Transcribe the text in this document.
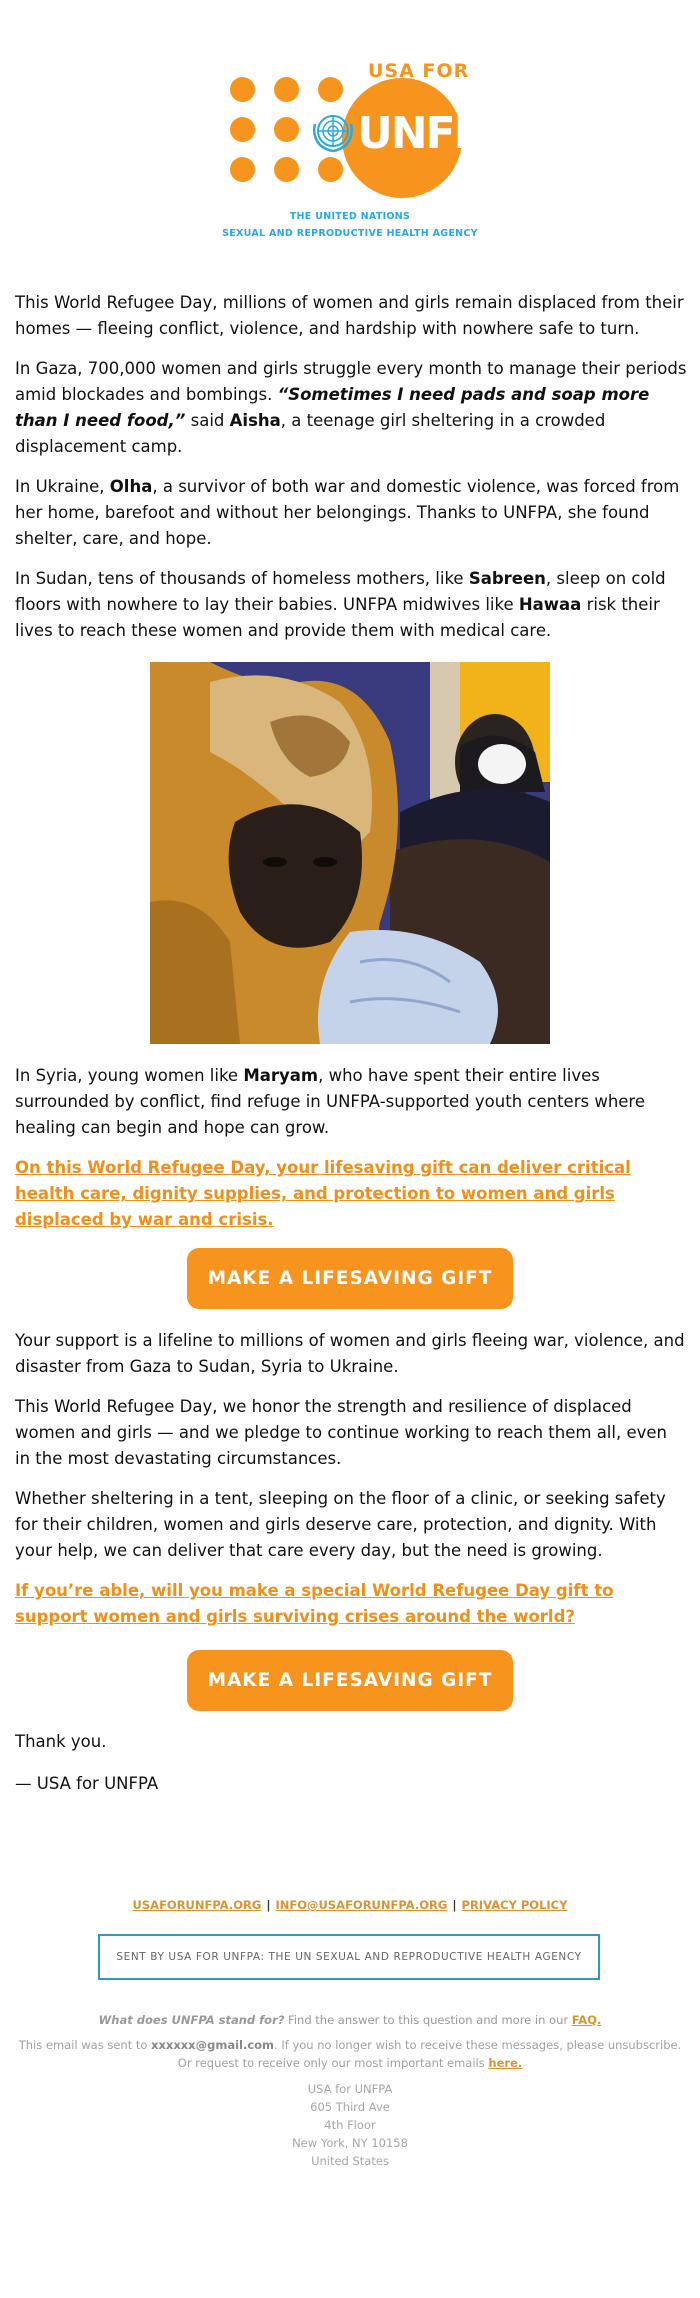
USA FOR
UNFPA
THE UNITED NATIONS
SEXUAL AND REPRODUCTIVE HEALTH AGENCY

This World Refugee Day, millions of women and girls remain displaced from their homes — fleeing conflict, violence, and hardship with nowhere safe to turn.

In Gaza, 700,000 women and girls struggle every month to manage their periods amid blockades and bombings. “Sometimes I need pads and soap more than I need food,” said Aisha, a teenage girl sheltering in a crowded displacement camp.

In Ukraine, Olha, a survivor of both war and domestic violence, was forced from her home, barefoot and without her belongings. Thanks to UNFPA, she found shelter, care, and hope.

In Sudan, tens of thousands of homeless mothers, like Sabreen, sleep on cold floors with nowhere to lay their babies. UNFPA midwives like Hawaa risk their lives to reach these women and provide them with medical care.

In Syria, young women like Maryam, who have spent their entire lives surrounded by conflict, find refuge in UNFPA-supported youth centers where healing can begin and hope can grow.

On this World Refugee Day, your lifesaving gift can deliver critical health care, dignity supplies, and protection to women and girls displaced by war and crisis.

MAKE A LIFESAVING GIFT

Your support is a lifeline to millions of women and girls fleeing war, violence, and disaster from Gaza to Sudan, Syria to Ukraine.

This World Refugee Day, we honor the strength and resilience of displaced women and girls — and we pledge to continue working to reach them all, even in the most devastating circumstances.

Whether sheltering in a tent, sleeping on the floor of a clinic, or seeking safety for their children, women and girls deserve care, protection, and dignity. With your help, we can deliver that care every day, but the need is growing.

If you’re able, will you make a special World Refugee Day gift to support women and girls surviving crises around the world?

MAKE A LIFESAVING GIFT

Thank you.

— USA for UNFPA

USAFORUNFPA.ORG | INFO@USAFORUNFPA.ORG | PRIVACY POLICY
SENT BY USA FOR UNFPA: THE UN SEXUAL AND REPRODUCTIVE HEALTH AGENCY
What does UNFPA stand for? Find the answer to this question and more in our FAQ.

This email was sent to xxxxxx@gmail.com. If you no longer wish to receive these messages, please unsubscribe. Or request to receive only our most important emails here.

USA for UNFPA
605 Third Ave
4th Floor
New York, NY 10158
United States
